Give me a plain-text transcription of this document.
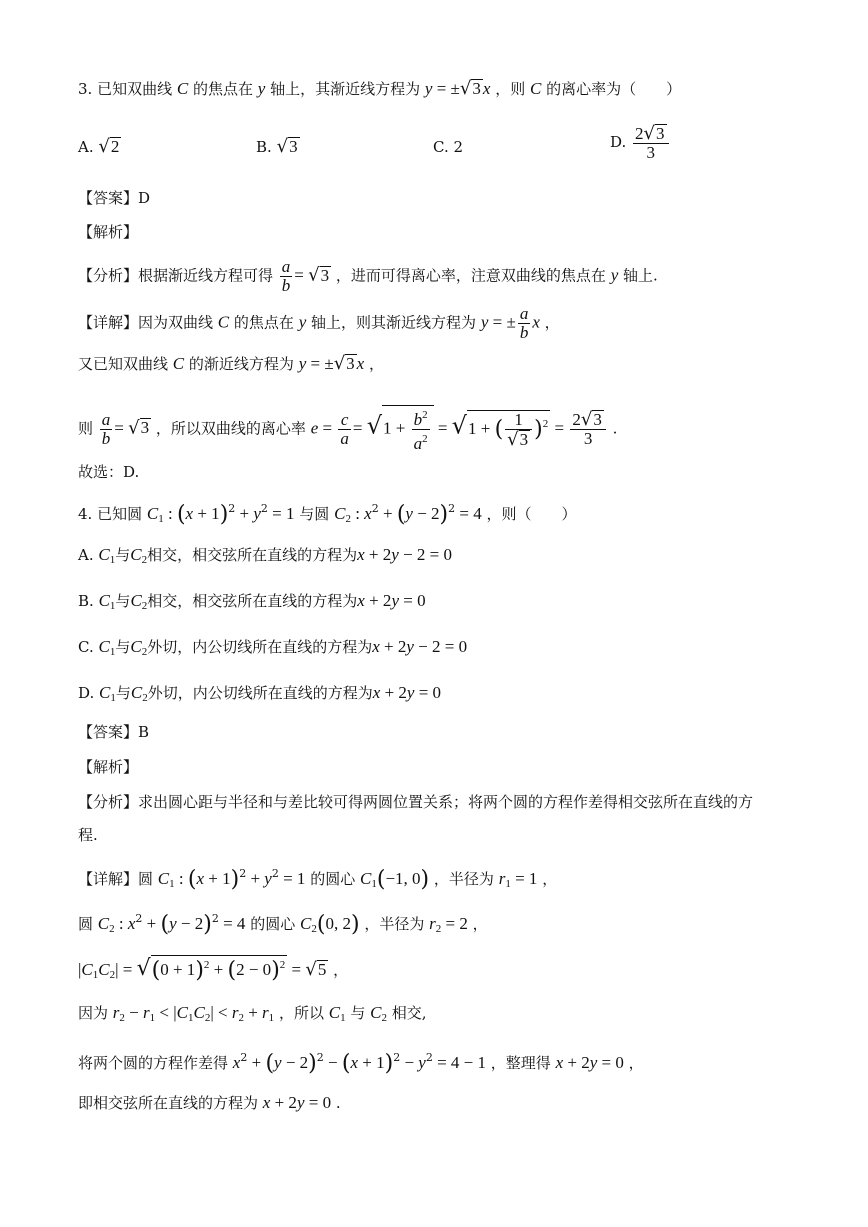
3. 已知双曲线 C 的焦点在 y 轴上，其渐近线方程为 y = ±√3 x ，则 C 的离心率为（　　）
A. √2	B. √3	C. 2	D. $\frac{2√3}{3}$
【答案】D
【解析】
【分析】根据渐近线方程可得 $\frac{a}{b} = √3$ ，进而可得离心率，注意双曲线的焦点在 y 轴上.
【详解】因为双曲线 C 的焦点在 y 轴上，则其渐近线方程为 y = ± $\frac{a}{b}$ x ，
又已知双曲线 C 的渐近线方程为 y = ±√3 x ，
则 $\frac{a}{b} = √3$ ，所以双曲线的离心率 $e = \frac{c}{a} = √1 + \frac{b^2}{a^2} = √1$ + ( $\frac{1}{√3} )^2 = \frac{2√3}{3}$ .
故选：D.
4. 已知圆 $C_1$ : $(x + 1)^2 + y^2 = 1$ 与圆 $C_2$ : $x^2 + (y - 2)^2 = 4$ ，则（　　）
A. $C_1$与$C_2$相交，相交弦所在直线的方程为x + 2y − 2 = 0
B. $C_1$与$C_2$相交，相交弦所在直线的方程为x + 2y = 0
C. $C_1$与$C_2$外切，内公切线所在直线的方程为x + 2y − 2 = 0
D. $C_1$与$C_2$外切，内公切线所在直线的方程为x + 2y = 0
【答案】B
【解析】
【分析】求出圆心距与半径和与差比较可得两圆位置关系；将两个圆的方程作差得相交弦所在直线的方
程.
【详解】圆 $C_1$ : $(x + 1)^2 + y^2 = 1$ 的圆心 $C_1(-1$, 0) ，半径为 $r_1 = 1$ ，
圆 $C_2$ : $x^2 + (y - 2)^2 = 4$ 的圆心 $C_2(0$, 2) ，半径为 $r_2 = 2$ ，
$|C_1C_2| = √(0 + 1)^2 + (2 - 0)^2 = √5$ ，
因为 $r_2 - r_1 < |C_1C_2| < r_2 + r_1$ ，所以 $C_1$ 与 $C_2$ 相交,
将两个圆的方程作差得 $x^2 + (y - 2)^2 - (x + 1)^2 - y^2 = 4 - 1$ ，整理得 x + 2y = 0 ，
即相交弦所在直线的方程为 x + 2y = 0 .
